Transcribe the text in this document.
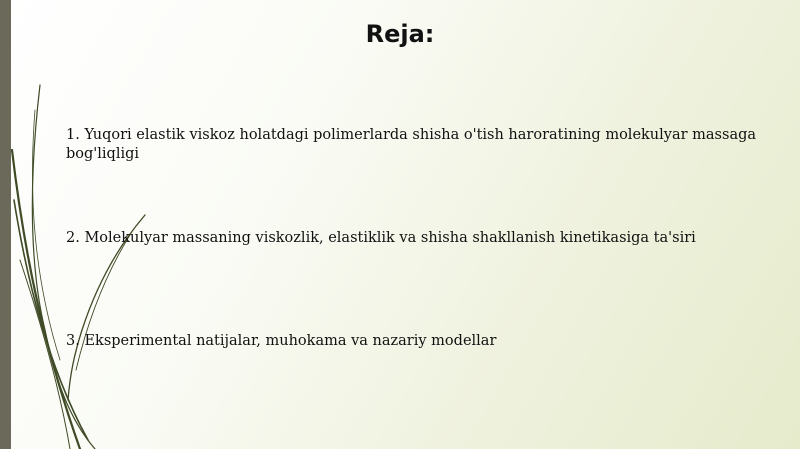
Reja:

1. Yuqori elastik viskoz holatdagi polimerlarda shisha o'tish haroratining molekulyar massaga bog'liqligi

2. Molekulyar massaning viskozlik, elastiklik va shisha shakllanish kinetikasiga ta'siri

3. Eksperimental natijalar, muhokama va nazariy modellar
